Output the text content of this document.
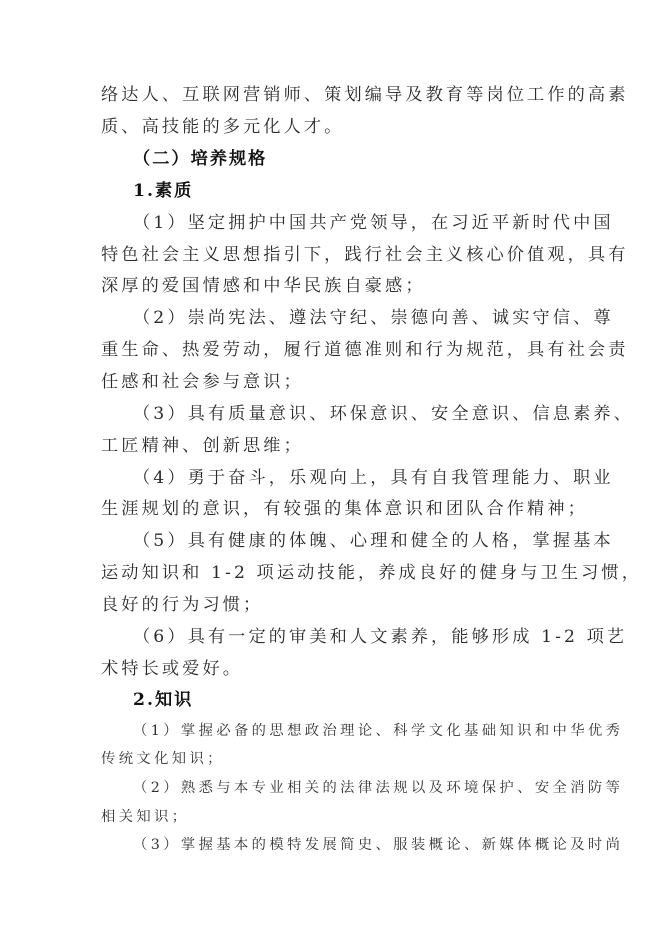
络达人、互联网营销师、策划编导及教育等岗位工作的高素
质、高技能的多元化人才。
（二）培养规格
1.素质
（1）坚定拥护中国共产党领导，在习近平新时代中国
特色社会主义思想指引下，践行社会主义核心价值观，具有
深厚的爱国情感和中华民族自豪感；
（2）崇尚宪法、遵法守纪、崇德向善、诚实守信、尊
重生命、热爱劳动，履行道德准则和行为规范，具有社会责
任感和社会参与意识；
（3）具有质量意识、环保意识、安全意识、信息素养、
工匠精神、创新思维；
（4）勇于奋斗，乐观向上，具有自我管理能力、职业
生涯规划的意识，有较强的集体意识和团队合作精神；
（5）具有健康的体魄、心理和健全的人格，掌握基本
运动知识和 1-2 项运动技能，养成良好的健身与卫生习惯，
良好的行为习惯；
（6）具有一定的审美和人文素养，能够形成 1-2 项艺
术特长或爱好。
2.知识
（1）掌握必备的思想政治理论、科学文化基础知识和中华优秀
传统文化知识；
（2）熟悉与本专业相关的法律法规以及环境保护、安全消防等
相关知识；
（3）掌握基本的模特发展简史、服装概论、新媒体概论及时尚
